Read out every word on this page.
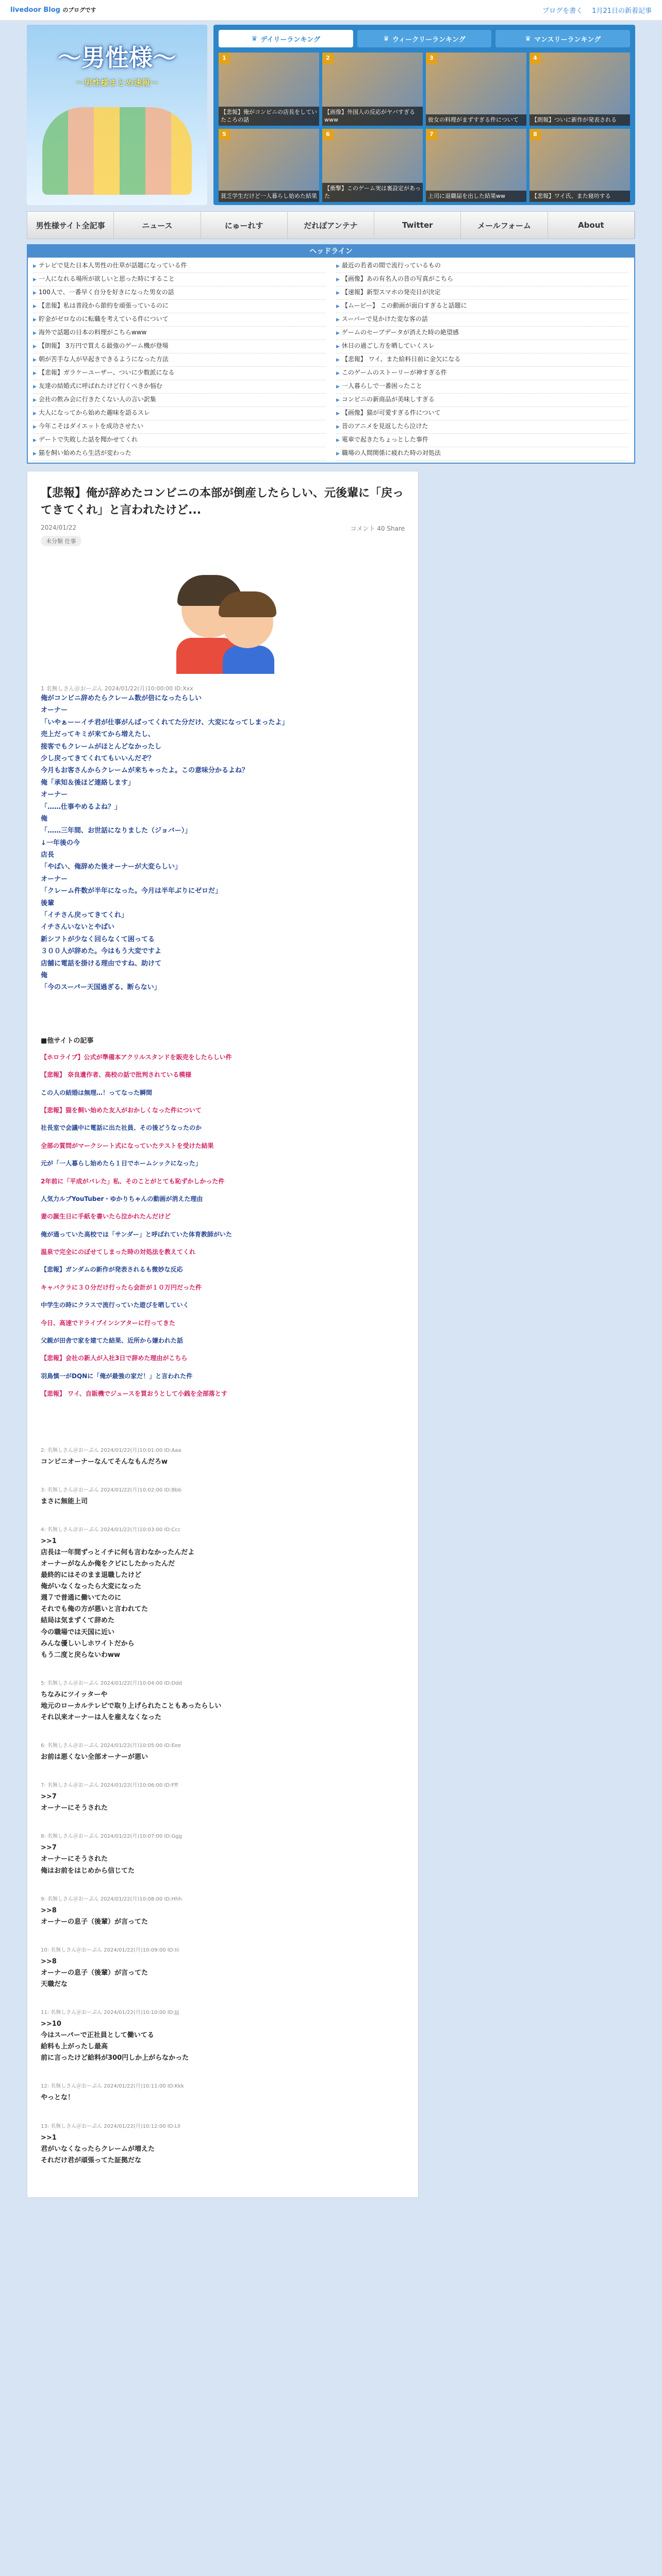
livedoor Blog のブログです	ブログを書く 1月21日の新着記事
〜男性様〜
〜男性様まとめ速報〜
♛ デイリーランキング	♛ ウィークリーランキング	♛ マンスリーランキング
1
【悲報】俺がコンビニの店長をしていたころの話
2
【画像】外国人の反応がヤバすぎるwww
3
彼女の料理がまずすぎる件について
4
【朗報】ついに新作が発表される
5
貧乏学生だけど一人暮らし始めた結果
6
【衝撃】このゲーム実は裏設定があった
7
上司に退職届を出した結果ww
8
【悲報】ワイ氏、また寝坊する
男性様サイト全記事	ニュース	にゅーれす	だれぽアンテナ	Twitter	メールフォーム	About
ヘッドライン
▶ テレビで見た日本人男性の仕草が話題になっている件
▶ 一人になれる場所が欲しいと思った時にすること
▶ 100人で、一番早く自分を好きになった男女の話
▶ 【悲報】私は普段から節約を頑張っているのに
▶ 貯金がゼロなのに転職を考えている件について
▶ 海外で話題の日本の料理がこちらwww
▶ 【朗報】 3万円で買える最強のゲーム機が登場
▶ 朝が苦手な人が早起きできるようになった方法
▶ 【悲報】ガラケーユーザー、ついに少数派になる
▶ 友達の結婚式に呼ばれたけど行くべきか悩む
▶ 会社の飲み会に行きたくない人の言い訳集
▶ 大人になってから始めた趣味を語るスレ
▶ 今年こそはダイエットを成功させたい
▶ デートで失敗した話を聞かせてくれ
▶ 猫を飼い始めたら生活が変わった
▶ 最近の若者の間で流行っているもの
▶ 【画像】あの有名人の昔の写真がこちら
▶ 【速報】新型スマホの発売日が決定
▶ 【ムービー】 この動画が面白すぎると話題に
▶ スーパーで見かけた変な客の話
▶ ゲームのセーブデータが消えた時の絶望感
▶ 休日の過ごし方を晒していくスレ
▶ 【悲報】 ワイ、また給料日前に金欠になる
▶ このゲームのストーリーが神すぎる件
▶ 一人暮らしで一番困ったこと
▶ コンビニの新商品が美味しすぎる
▶ 【画像】猫が可愛すぎる件について
▶ 昔のアニメを見返したら泣けた
▶ 電車で起きたちょっとした事件
▶ 職場の人間関係に疲れた時の対処法
【悲報】俺が辞めたコンビニの本部が倒産したらしい、元後輩に「戻ってきてくれ」と言われたけど...
2024/01/22	コメント 40 Share
未分類 仕事
1 名無しさん＠おーぷん 2024/01/22(月)10:00:00 ID:Xxx
俺がコンビニ辞めたらクレーム数が倍になったらしい
オーナー
「いやぁーーイチ君が仕事がんばってくれてた分だけ、大変になってしまったよ」
売上だってキミが来てから増えたし、
接客でもクレームがほとんどなかったし
少し戻ってきてくれてもいいんだぞ？
今月もお客さんからクレームが来ちゃったよ。この意味分かるよね？
俺「承知＆後ほど連絡します」
オーナー
「……仕事やめるよね？」
俺
「……三年間、お世話になりました（ジョバー）」
↓一年後の今
店長
「やばい、俺辞めた後オーナーが大変らしい」
オーナー
「クレーム件数が半年になった。今月は半年ぶりにゼロだ」
後輩
「イチさん戻ってきてくれ」
イチさんいないとやばい
新シフトが少なく回らなくて困ってる
３００人が辞めた。今はもう大変ですよ
店舗に電話を掛ける理由ですね、助けて
俺
「今のスーパー天国過ぎる、断らない」
■他サイトの記事

【ホロライブ】公式が準備本アクリルスタンドを販売をしたらしい件

【悲報】 奈良遺作者、高校の話で批判されている模様

この人の結婚は無理…！ってなった瞬間

【悲報】猫を飼い始めた友人がおかしくなった件について

社長室で会議中に電話に出た社員、その後どうなったのか

全部の質問がマークシート式になっていたテストを受けた結果

元が「一人暮らし始めたら１日でホームシックになった」

2年前に「平成がバレた」私、そのことがとても恥ずかしかった件

人気力ルブYouTuber・ゆかりちゃんの動画が消えた理由

妻の誕生日に手紙を書いたら泣かれたんだけど

俺が通っていた高校では「サンダー」と呼ばれていた体育教師がいた

温泉で完全にのぼせてしまった時の対処法を教えてくれ

【悲報】ガンダムの新作が発表されるも微妙な反応

キャバクラに３０分だけ行ったら会計が１０万円だった件

中学生の時にクラスで流行っていた遊びを晒していく

今日、高速でドライブインシアターに行ってきた

父親が田舎で家を建てた結果、近所から嫌われた話

【悲報】会社の新人が入社3日で辞めた理由がこちら

羽鳥慎一がDQNに「俺が最強の家だ！」と言われた件

【悲報】 ワイ、自販機でジュースを買おうとして小銭を全部落とす

2: 名無しさん＠おーぷん 2024/01/22(月)10:01:00 ID:Aaa
コンビニオーナーなんてそんなもんだろw
3: 名無しさん＠おーぷん 2024/01/22(月)10:02:00 ID:Bbb
まさに無能上司
4: 名無しさん＠おーぷん 2024/01/22(月)10:03:00 ID:Ccc
>>1
店長は一年間ずっとイチに何も言わなかったんだよ
オーナーがなんか俺をクビにしたかったんだ
最終的にはそのまま退職したけど
俺がいなくなったら大変になった
週７で普通に働いてたのに
それでも俺の方が悪いと言われてた
結局は気まずくて辞めた
今の職場では天国に近い
みんな優しいしホワイトだから
もう二度と戻らないわww
5: 名無しさん＠おーぷん 2024/01/22(月)10:04:00 ID:Ddd
ちなみにツイッターや
地元のローカルテレビで取り上げられたこともあったらしい
それ以来オーナーは人を雇えなくなった
6: 名無しさん＠おーぷん 2024/01/22(月)10:05:00 ID:Eee
お前は悪くない全部オーナーが悪い
7: 名無しさん＠おーぷん 2024/01/22(月)10:06:00 ID:Fff
>>7
オーナーにそうされた
8: 名無しさん＠おーぷん 2024/01/22(月)10:07:00 ID:Ggg
>>7
オーナーにそうされた
俺はお前をはじめから信じてた
9: 名無しさん＠おーぷん 2024/01/22(月)10:08:00 ID:Hhh
>>8
オーナーの息子（後輩）が言ってた
10: 名無しさん＠おーぷん 2024/01/22(月)10:09:00 ID:Iii
>>8
オーナーの息子（後輩）が言ってた
天職だな
11: 名無しさん＠おーぷん 2024/01/22(月)10:10:00 ID:Jjj
>>10
今はスーパーで正社員として働いてる
給料も上がったし最高
前に言ったけど給料が300円しか上がらなかった
12: 名無しさん＠おーぷん 2024/01/22(月)10:11:00 ID:Kkk
やっとな！
13: 名無しさん＠おーぷん 2024/01/22(月)10:12:00 ID:Lll
>>1
君がいなくなったらクレームが増えた
それだけ君が頑張ってた証拠だな
